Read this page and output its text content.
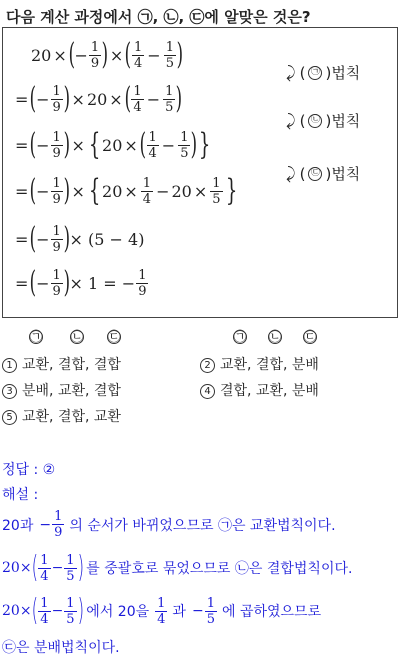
다음 계산 과정에서 ㉠, ㉡, ㉢에 알맞은 것은?
20 × ( − $\frac{1}{9}$ ) × ( $\frac{1}{4} - \frac{1}{5}$ )
= ( − $\frac{1}{9}$ ) × 20 × ( $\frac{1}{4} - \frac{1}{5}$ )
= ( − $\frac{1}{9}$ ) × { 20 × ( $\frac{1}{4} - \frac{1}{5}$ ) }
= ( − $\frac{1}{9}$ ) × { $20 \times \frac{1}{4} - 20 \times \frac{1}{5}$ }
= ( − $\frac{1}{9}$ ) × (5 − 4)
= ( − $\frac{1}{9}$ ) × 1 = − $\frac{1}{9}$
⤸ ( ㉠ )법칙
⤸ ( ㉡ )법칙
⤸ ( ㉢ )법칙
㉠ ㉡ ㉢	㉠ ㉡ ㉢
1 교환, 결합, 결합	2 교환, 결합, 분배
3 분배, 교환, 결합	4 결합, 교환, 분배
5 교환, 결합, 교환
정답 : ②
해설 :
20과 − $\frac{1}{9}$ 의 순서가 바뀌었으므로 ㉠은 교환법칙이다.
20 × ( $\frac{1}{4} - \frac{1}{5}$ ) 를 중괄호로 묶었으므로 ㉡은 결합법칙이다.
20 × ( $\frac{1}{4} - \frac{1}{5}$ ) 에서 20을 $\frac{1}{4}$ 과 − $\frac{1}{5}$ 에 곱하였으므로
㉢은 분배법칙이다.
